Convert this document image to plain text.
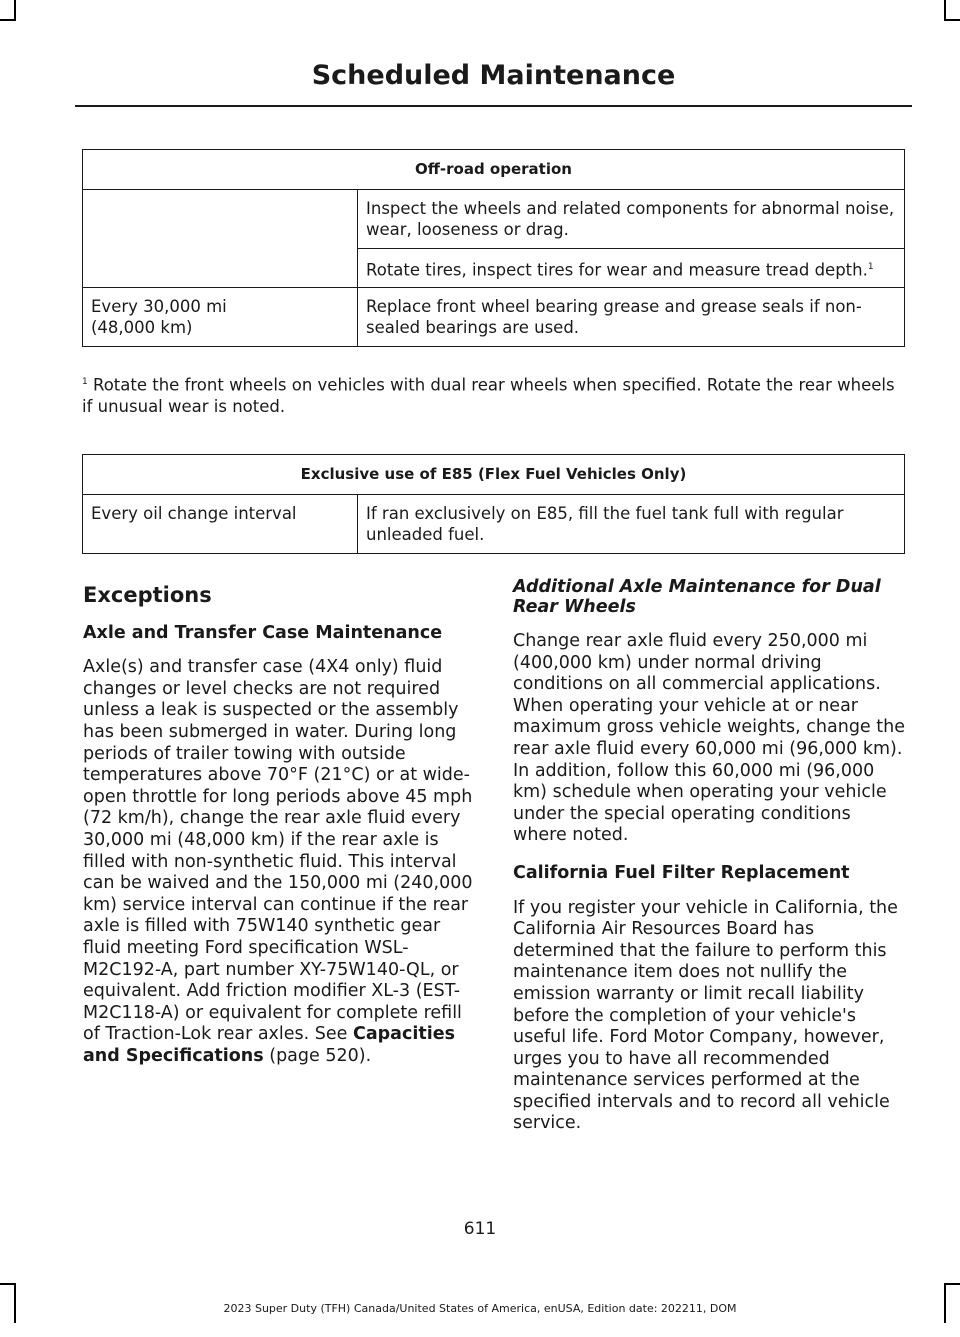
Scheduled Maintenance
Off-road operation	
	Inspect the wheels and related components for abnormal noise, wear, looseness or drag.
	Rotate tires, inspect tires for wear and measure tread depth.$^1$

Every 30,000 mi
(48,000 km)	Replace front wheel bearing grease and grease seals if non-sealed bearings are used.
$^1$ Rotate the front wheels on vehicles with dual rear wheels when specified. Rotate the rear wheels if unusual wear is noted.
Exclusive use of E85 (Flex Fuel Vehicles Only)
Every oil change interval	If ran exclusively on E85, fill the fuel tank full with regular unleaded fuel.
Exceptions
Axle and Transfer Case Maintenance

Axle(s) and transfer case (4X4 only) fluid changes or level checks are not required unless a leak is suspected or the assembly has been submerged in water. During long periods of trailer towing with outside temperatures above 70°F (21°C) or at wide-open throttle for long periods above 45 mph (72 km/h), change the rear axle fluid every 30,000 mi (48,000 km) if the rear axle is filled with non-synthetic fluid. This interval can be waived and the 150,000 mi (240,000 km) service interval can continue if the rear axle is filled with 75W140 synthetic gear fluid meeting Ford specification WSL-M2C192-A, part number XY-75W140-QL, or equivalent. Add friction modifier XL-3 (EST-M2C118-A) or equivalent for complete refill of Traction-Lok rear axles. See Capacities and Specifications (page 520).

Additional Axle Maintenance for Dual Rear Wheels

Change rear axle fluid every 250,000 mi (400,000 km) under normal driving conditions on all commercial applications. When operating your vehicle at or near maximum gross vehicle weights, change the rear axle fluid every 60,000 mi (96,000 km). In addition, follow this 60,000 mi (96,000 km) schedule when operating your vehicle under the special operating conditions where noted.

California Fuel Filter Replacement

If you register your vehicle in California, the California Air Resources Board has determined that the failure to perform this maintenance item does not nullify the emission warranty or limit recall liability before the completion of your vehicle's useful life. Ford Motor Company, however, urges you to have all recommended maintenance services performed at the specified intervals and to record all vehicle service.

611
2023 Super Duty (TFH) Canada/United States of America, enUSA, Edition date: 202211, DOM
